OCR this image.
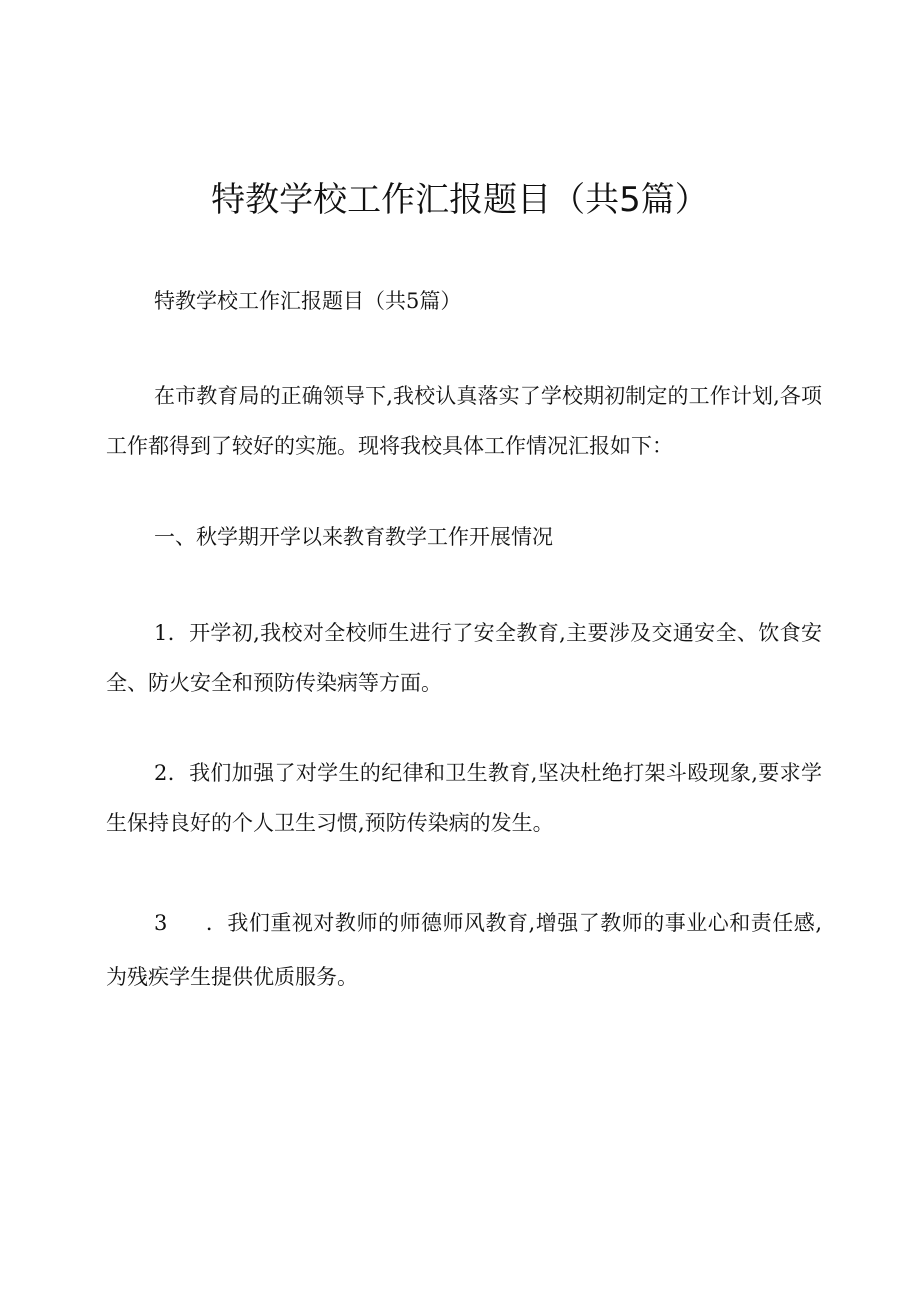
特教学校工作汇报题目（共5篇）
特教学校工作汇报题目（共5篇）
在市教育局的正确领导下,我校认真落实了学校期初制定的工作计划,各项工作都得到了较好的实施。现将我校具体工作情况汇报如下：
一、秋学期开学以来教育教学工作开展情况
1．开学初,我校对全校师生进行了安全教育,主要涉及交通安全、饮食安全、防火安全和预防传染病等方面。
2．我们加强了对学生的纪律和卫生教育,坚决杜绝打架斗殴现象,要求学生保持良好的个人卫生习惯,预防传染病的发生。
3 ．我们重视对教师的师德师风教育,增强了教师的事业心和责任感,为残疾学生提供优质服务。
